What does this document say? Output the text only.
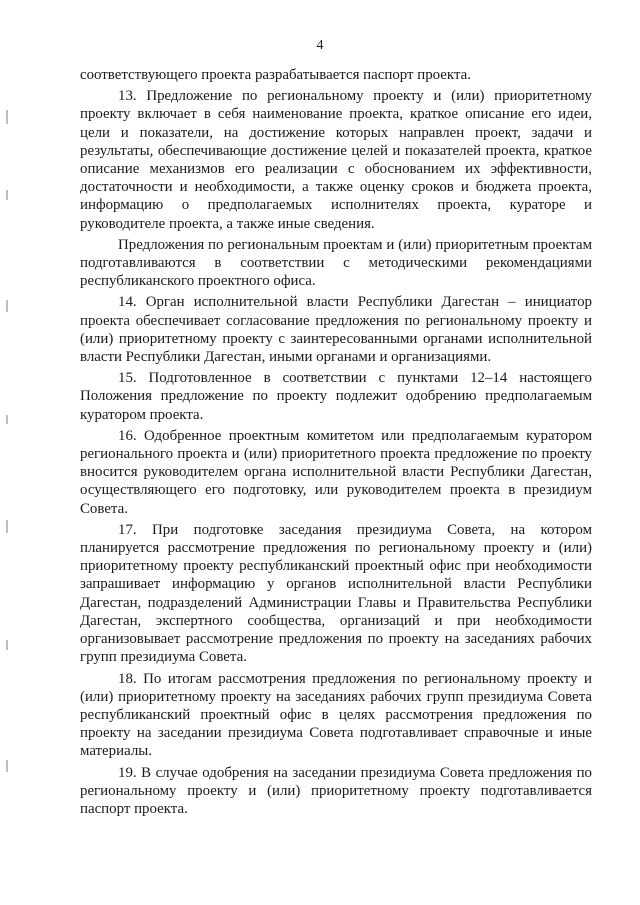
4

соответствующего проекта разрабатывается паспорт проекта.

13. Предложение по региональному проекту и (или) приоритетному проекту включает в себя наименование проекта, краткое описание его идеи, цели и показатели, на достижение которых направлен проект, задачи и результаты, обеспечивающие достижение целей и показателей проекта, краткое описание механизмов его реализации с обоснованием их эффективности, достаточности и необходимости, а также оценку сроков и бюджета проекта, информацию о предполагаемых исполнителях проекта, кураторе и руководителе проекта, а также иные сведения.

Предложения по региональным проектам и (или) приоритетным проектам подготавливаются в соответствии с методическими рекомендациями республиканского проектного офиса.

14. Орган исполнительной власти Республики Дагестан – инициатор проекта обеспечивает согласование предложения по региональному проекту и (или) приоритетному проекту с заинтересованными органами исполнительной власти Республики Дагестан, иными органами и организациями.

15. Подготовленное в соответствии с пунктами 12–14 настоящего Положения предложение по проекту подлежит одобрению предполагаемым куратором проекта.

16. Одобренное проектным комитетом или предполагаемым куратором регионального проекта и (или) приоритетного проекта предложение по проекту вносится руководителем органа исполнительной власти Республики Дагестан, осуществляющего его подготовку, или руководителем проекта в президиум Совета.

17. При подготовке заседания президиума Совета, на котором планируется рассмотрение предложения по региональному проекту и (или) приоритетному проекту республиканский проектный офис при необходимости запрашивает информацию у органов исполнительной власти Республики Дагестан, подразделений Администрации Главы и Правительства Республики Дагестан, экспертного сообщества, организаций и при необходимости организовывает рассмотрение предложения по проекту на заседаниях рабочих групп президиума Совета.

18. По итогам рассмотрения предложения по региональному проекту и (или) приоритетному проекту на заседаниях рабочих групп президиума Совета республиканский проектный офис в целях рассмотрения предложения по проекту на заседании президиума Совета подготавливает справочные и иные материалы.

19. В случае одобрения на заседании президиума Совета предложения по региональному проекту и (или) приоритетному проекту подготавливается паспорт проекта.
